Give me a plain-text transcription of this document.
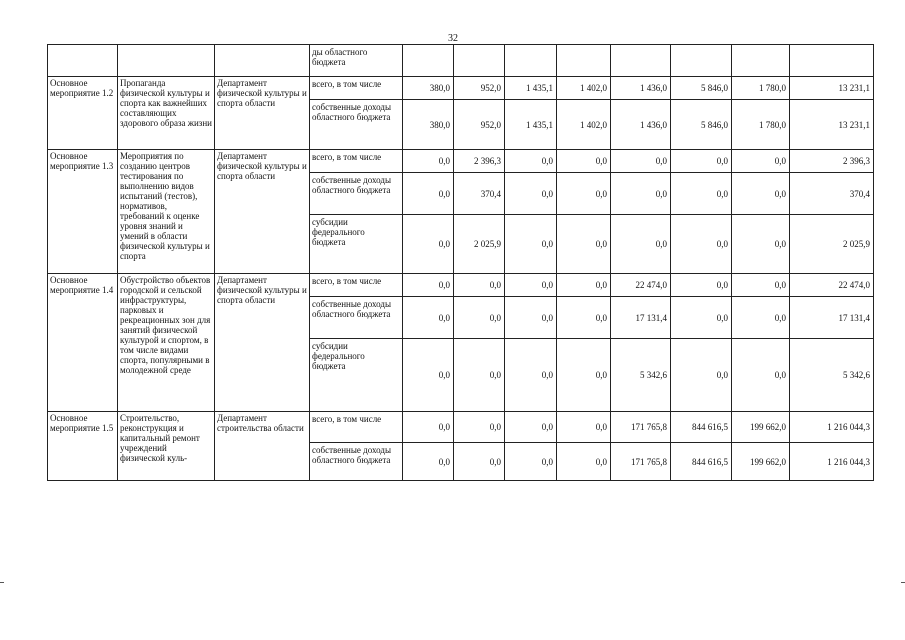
32
			ды областного бюджета								
Основное мероприятие 1.2	Пропаганда физической культуры и спорта как важнейших составляющих здорового образа жизни	Департамент физической культуры и спорта области	всего, в том числе	380,0	952,0	1 435,1	1 402,0	1 436,0	5 846,0	1 780,0	13 231,1
			собственные доходы областного бюджета	380,0	952,0	1 435,1	1 402,0	1 436,0	5 846,0	1 780,0	13 231,1
Основное мероприятие 1.3	Мероприятия по созданию центров тестирования по выполнению видов испытаний (тестов), нормативов, требований к оценке уровня знаний и умений в области физической культуры и спорта	Департамент физической культуры и спорта области	всего, в том числе	0,0	2 396,3	0,0	0,0	0,0	0,0	0,0	2 396,3
			собственные доходы областного бюджета	0,0	370,4	0,0	0,0	0,0	0,0	0,0	370,4
			субсидии федерального бюджета	0,0	2 025,9	0,0	0,0	0,0	0,0	0,0	2 025,9
Основное мероприятие 1.4	Обустройство объектов городской и сельской инфраструктуры, парковых и рекреационных зон для занятий физической культурой и спортом, в том числе видами спорта, популярными в молодежной среде	Департамент физической культуры и спорта области	всего, в том числе	0,0	0,0	0,0	0,0	22 474,0	0,0	0,0	22 474,0
			собственные доходы областного бюджета	0,0	0,0	0,0	0,0	17 131,4	0,0	0,0	17 131,4
			субсидии федерального бюджета	0,0	0,0	0,0	0,0	5 342,6	0,0	0,0	5 342,6
Основное мероприятие 1.5	Строительство, реконструкция и капитальный ремонт учреждений физической куль-	Департамент строительства области	всего, в том числе	0,0	0,0	0,0	0,0	171 765,8	844 616,5	199 662,0	1 216 044,3
			собственные доходы областного бюджета	0,0	0,0	0,0	0,0	171 765,8	844 616,5	199 662,0	1 216 044,3
